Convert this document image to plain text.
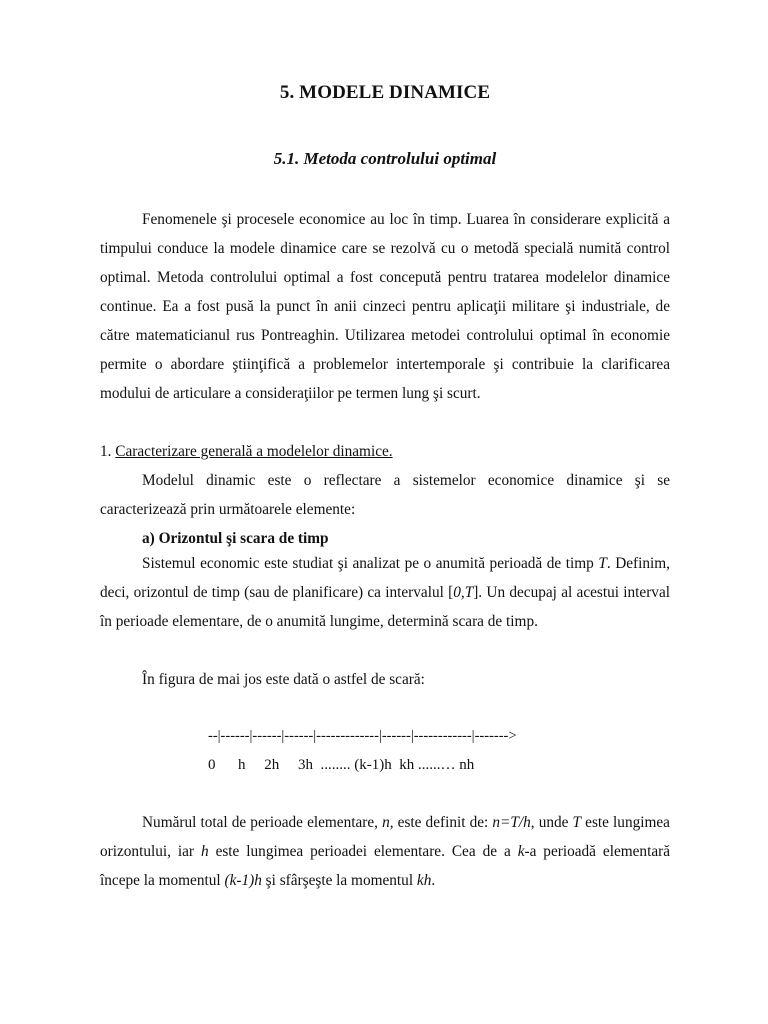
5. MODELE DINAMICE
5.1. Metoda controlului optimal

Fenomenele şi procesele economice au loc în timp. Luarea în considerare explicită a timpului conduce la modele dinamice care se rezolvă cu o metodă specială numită control optimal. Metoda controlului optimal a fost concepută pentru tratarea modelelor dinamice continue. Ea a fost pusă la punct în anii cinzeci pentru aplicaţii militare şi industriale, de către matematicianul rus Pontreaghin. Utilizarea metodei controlului optimal în economie permite o abordare ştiinţifică a problemelor intertemporale şi contribuie la clarificarea modului de articulare a consideraţiilor pe termen lung şi scurt.

1. Caracterizare generală a modelelor dinamice.

Modelul dinamic este o reflectare a sistemelor economice dinamice şi se caracterizează prin următoarele elemente:

a) Orizontul şi scara de timp

Sistemul economic este studiat şi analizat pe o anumită perioadă de timp T. Definim, deci, orizontul de timp (sau de planificare) ca intervalul [0,T]. Un decupaj al acestui interval în perioade elementare, de o anumită lungime, determină scara de timp.

În figura de mai jos este dată o astfel de scară:

--|------|------|------|-------------|------|------------|------->

0      h     2h     3h  ........ (k-1)h  kh ......… nh

Numărul total de perioade elementare, n, este definit de: n=T/h, unde T este lungimea orizontului, iar h este lungimea perioadei elementare. Cea de a k-a perioadă elementară începe la momentul (k-1)h şi sfârşeşte la momentul kh.
